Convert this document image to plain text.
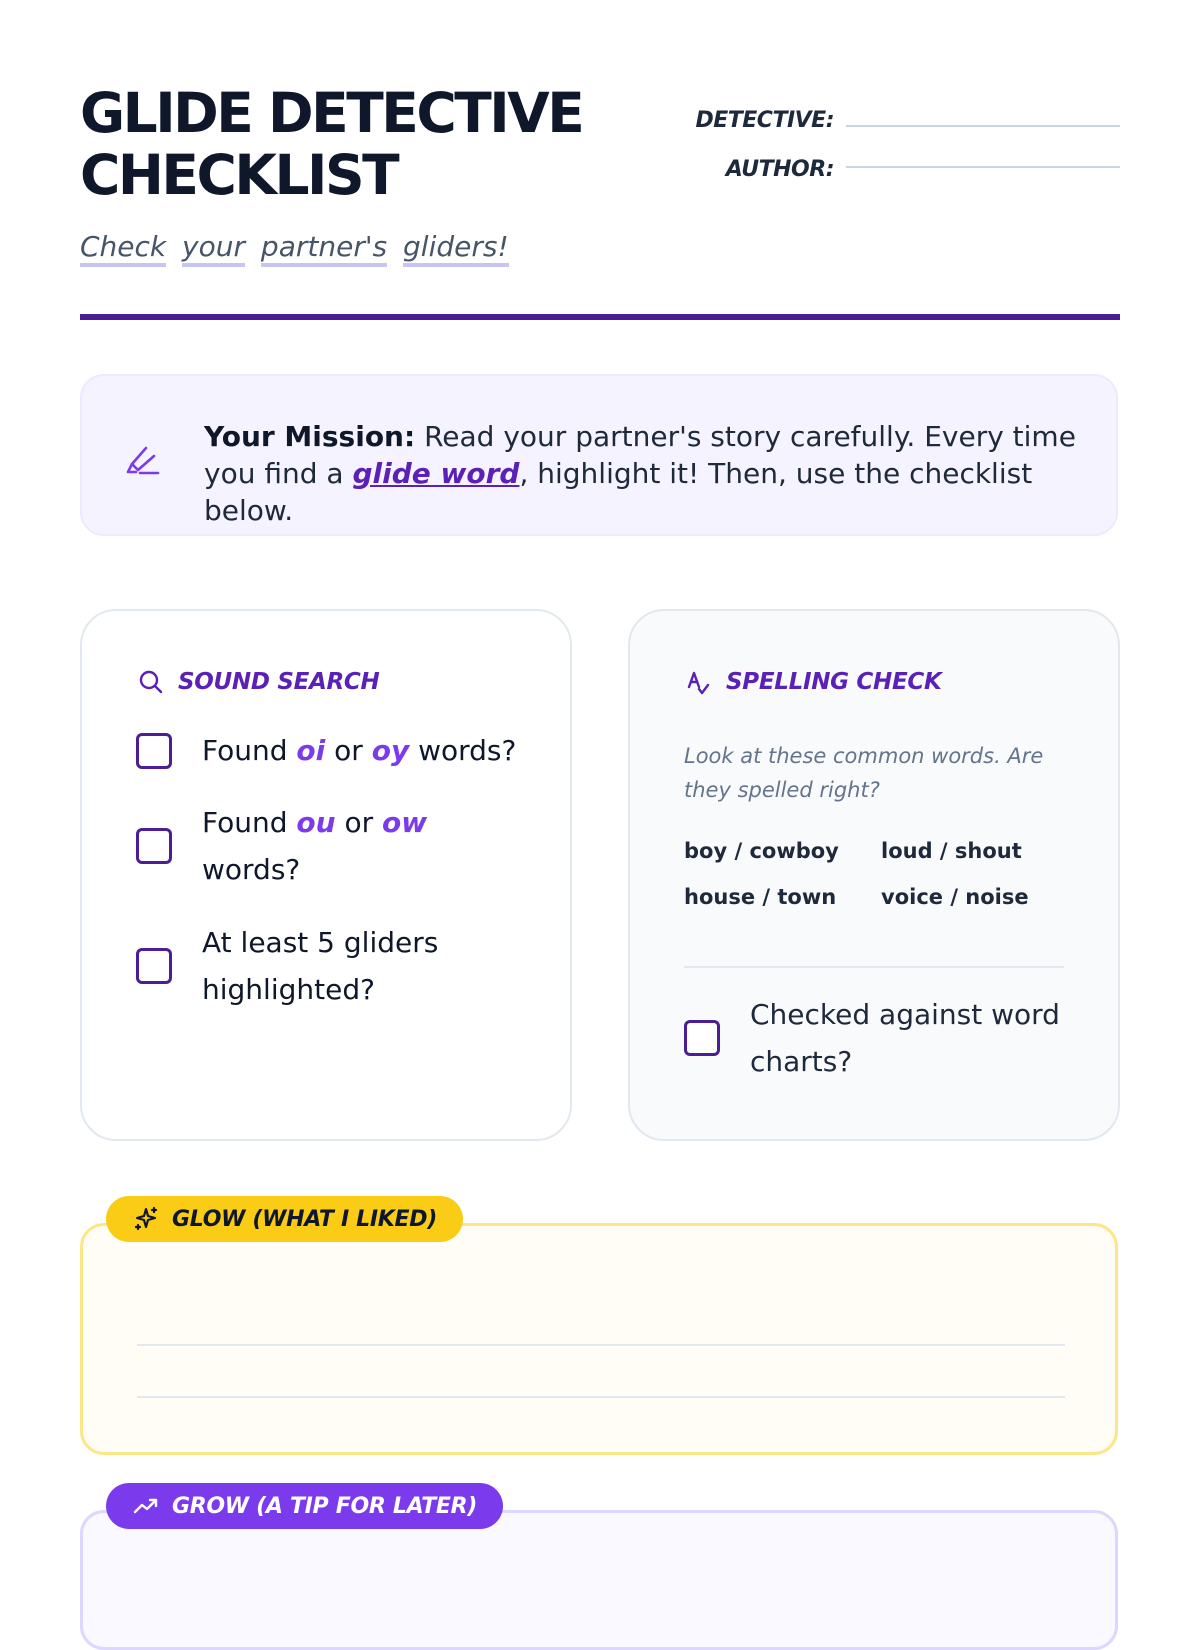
GLIDE DETECTIVE
CHECKLIST
Check your partner's gliders!
DETECTIVE:
AUTHOR:
Your Mission: Read your partner's story carefully. Every time you find a glide word, highlight it! Then, use the checklist below.
SOUND SEARCH
Found oi or oy words?
Found ou or ow words?
At least 5 gliders highlighted?
SPELLING CHECK
Look at these common words. Are they spelled right?
boy / cowboy loud / shout
house / town voice / noise
Checked against word charts?
GLOW (WHAT I LIKED)
GROW (A TIP FOR LATER)
